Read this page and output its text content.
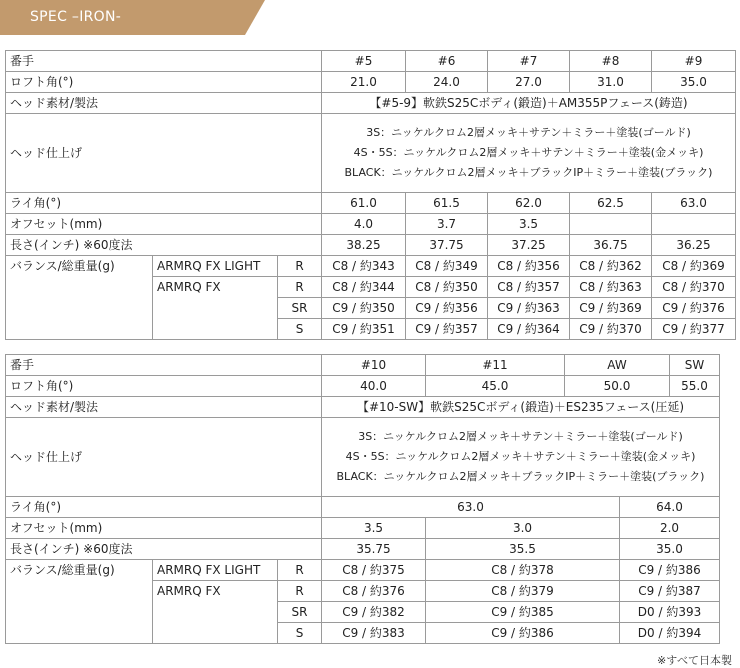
SPEC –IRON-
番手			#5	#6	#7	#8	#9
ロフト角(°)			21.0	24.0	27.0	31.0	35.0
ヘッド素材/製法			【#5-9】軟鉄S25Cボディ(鍛造)＋AM355Pフェース(鋳造)				
ヘッド仕上げ			3S：ニッケルクロム2層メッキ＋サテン＋ミラー＋塗装(ゴールド)
4S・5S：ニッケルクロム2層メッキ＋サテン＋ミラー＋塗装(金メッキ)
BLACK：ニッケルクロム2層メッキ＋ブラックIP＋ミラー＋塗装(ブラック)				

ライ角(°)			61.0	61.5	62.0	62.5	63.0
オフセット(mm)			4.0	3.7	3.5		
長さ(インチ) ※60度法			38.25	37.75	37.25	36.75	36.25
バランス/総重量(g)	ARMRQ FX LIGHT	R	C8 / 約343	C8 / 約349	C8 / 約356	C8 / 約362	C8 / 約369
	ARMRQ FX	R	C8 / 約344	C8 / 約350	C8 / 約357	C8 / 約363	C8 / 約370
		SR	C9 / 約350	C9 / 約356	C9 / 約363	C9 / 約369	C9 / 約376
		S	C9 / 約351	C9 / 約357	C9 / 約364	C9 / 約370	C9 / 約377
番手			#10	#11	AW		SW
ロフト角(°)			40.0	45.0	50.0		55.0
ヘッド素材/製法			【#10-SW】軟鉄S25Cボディ(鍛造)＋ES235フェース(圧延)				
ヘッド仕上げ			3S：ニッケルクロム2層メッキ＋サテン＋ミラー＋塗装(ゴールド)
4S・5S：ニッケルクロム2層メッキ＋サテン＋ミラー＋塗装(金メッキ)
BLACK：ニッケルクロム2層メッキ＋ブラックIP＋ミラー＋塗装(ブラック)				

ライ角(°)			63.0			64.0	
オフセット(mm)			3.5	3.0		2.0	
長さ(インチ) ※60度法			35.75	35.5		35.0	
バランス/総重量(g)	ARMRQ FX LIGHT	R	C8 / 約375	C8 / 約378		C9 / 約386	
	ARMRQ FX	R	C8 / 約376	C8 / 約379		C9 / 約387	
		SR	C9 / 約382	C9 / 約385		D0 / 約393	
		S	C9 / 約383	C9 / 約386		D0 / 約394	
※すべて日本製
